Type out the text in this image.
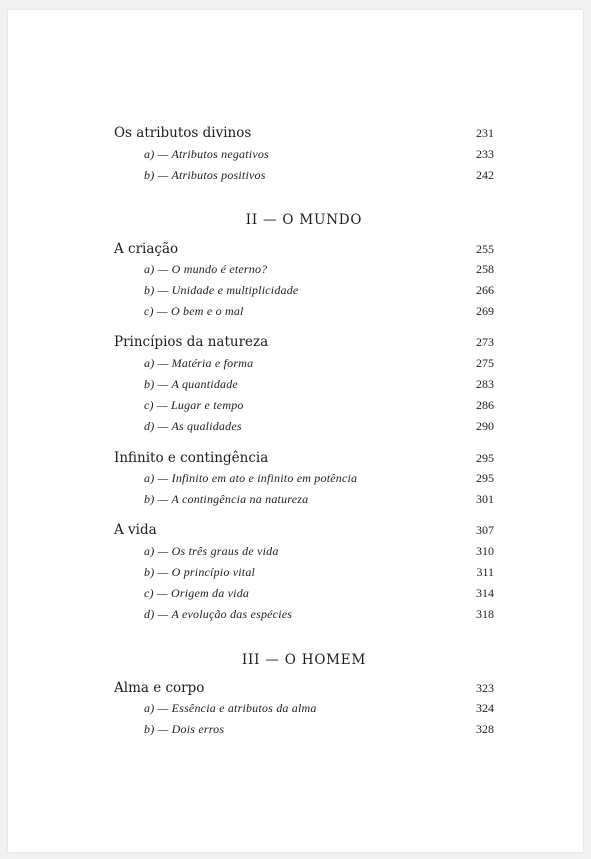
Os atributos divinos	231
a) — Atributos negativos	233
b) — Atributos positivos	242
II — O MUNDO
A criação	255
a) — O mundo é eterno?	258
b) — Unidade e multiplicidade	266
c) — O bem e o mal	269
Princípios da natureza	273
a) — Matéria e forma	275
b) — A quantidade	283
c) — Lugar e tempo	286
d) — As qualidades	290
Infinito e contingência	295
a) — Infinito em ato e infinito em potência	295
b) — A contingência na natureza	301
A vida	307
a) — Os três graus de vida	310
b) — O princípio vital	311
c) — Origem da vida	314
d) — A evolução das espécies	318
III — O HOMEM
Alma e corpo	323
a) — Essência e atributos da alma	324
b) — Dois erros	328
